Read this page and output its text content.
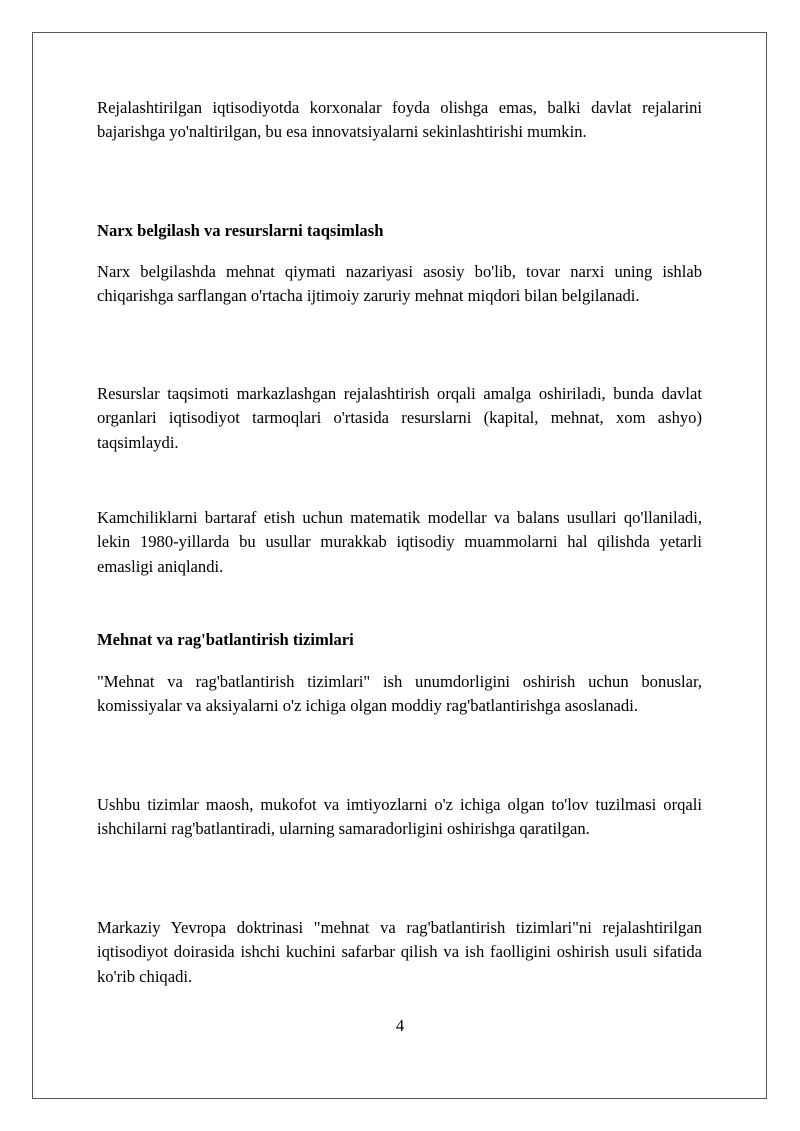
Rejalashtirilgan iqtisodiyotda korxonalar foyda olishga emas, balki davlat rejalarini bajarishga yo'naltirilgan, bu esa innovatsiyalarni sekinlashtirishi mumkin.

Narx belgilash va resurslarni taqsimlash

Narx belgilashda mehnat qiymati nazariyasi asosiy bo'lib, tovar narxi uning ishlab chiqarishga sarflangan o'rtacha ijtimoiy zaruriy mehnat miqdori bilan belgilanadi.

Resurslar taqsimoti markazlashgan rejalashtirish orqali amalga oshiriladi, bunda davlat organlari iqtisodiyot tarmoqlari o'rtasida resurslarni (kapital, mehnat, xom ashyo) taqsimlaydi.

Kamchiliklarni bartaraf etish uchun matematik modellar va balans usullari qo'llaniladi, lekin 1980-yillarda bu usullar murakkab iqtisodiy muammolarni hal qilishda yetarli emasligi aniqlandi.

Mehnat va rag'batlantirish tizimlari

"Mehnat va rag'batlantirish tizimlari" ish unumdorligini oshirish uchun bonuslar, komissiyalar va aksiyalarni o'z ichiga olgan moddiy rag'batlantirishga asoslanadi.

Ushbu tizimlar maosh, mukofot va imtiyozlarni o'z ichiga olgan to'lov tuzilmasi orqali ishchilarni rag'batlantiradi, ularning samaradorligini oshirishga qaratilgan.

Markaziy Yevropa doktrinasi "mehnat va rag'batlantirish tizimlari"ni rejalashtirilgan iqtisodiyot doirasida ishchi kuchini safarbar qilish va ish faolligini oshirish usuli sifatida ko'rib chiqadi.

4
